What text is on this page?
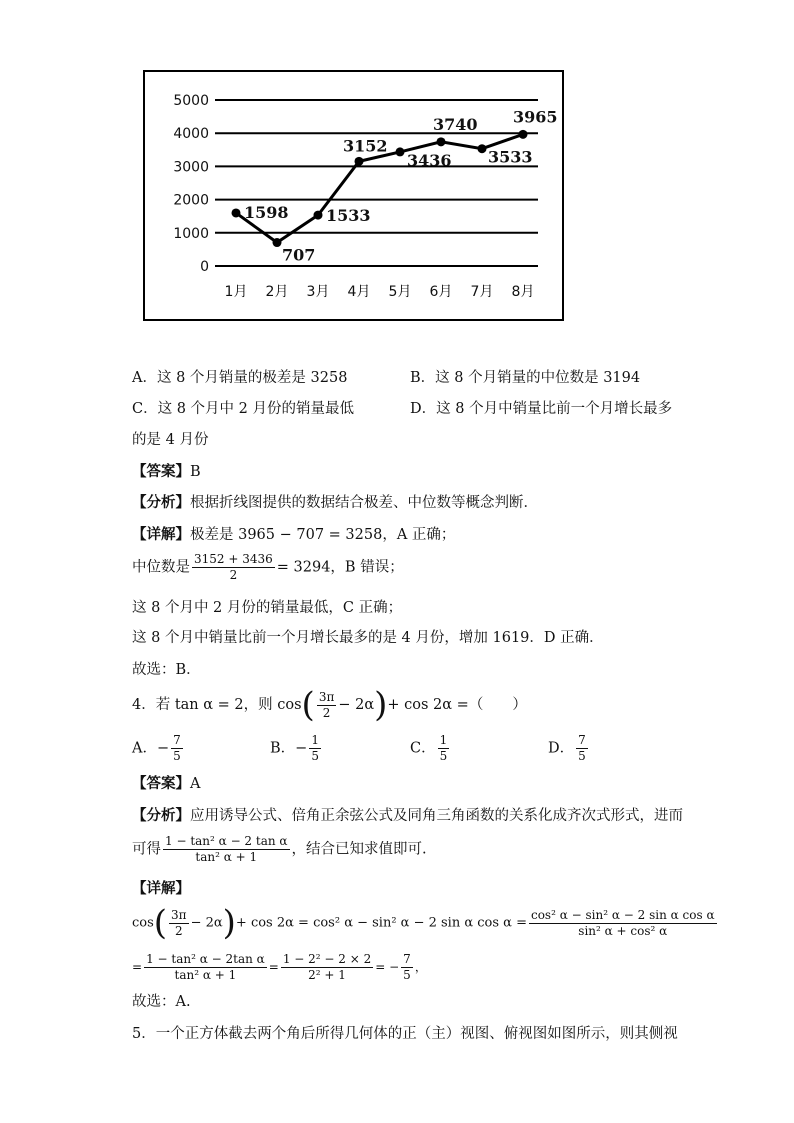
0
1000
2000
3000
4000
5000
1月 2月 3月 4月 5月 6月 7月 8月
1598
707
1533
3152
3436
3740
3533
3965
A．这 8 个月销量的极差是 3258	B．这 8 个月销量的中位数是 3194
C．这 8 个月中 2 月份的销量最低	D．这 8 个月中销量比前一个月增长最多
的是 4 月份
【答案】B
【分析】根据折线图提供的数据结合极差、中位数等概念判断．
【详解】极差是 3965 − 707 = 3258，A 正确；
中位数是 $\frac{3152 + 3436}{2} = 3294$，B 错误；
这 8 个月中 2 月份的销量最低，C 正确；
这 8 个月中销量比前一个月增长最多的是 4 月份，增加 1619．D 正确．
故选：B．
4．若 tan α = 2，则 $\cos( \frac{3\pi}{2} - 2\alpha)+ \cos 2\alpha$ =（　　）
A．− $\frac{7}{5}$	B．− $\frac{1}{5}$	C． $\frac{1}{5}$	D． $\frac{7}{5}$
【答案】A
【分析】应用诱导公式、倍角正余弦公式及同角三角函数的关系化成齐次式形式，进而
可得 $\frac{\text{1 − tan² α − 2 tan α}}{\text{tan² α + 1}}$ ，结合已知求值即可.
【详解】
$\cos( \frac{3\pi}{2} - 2\alpha)+ \cos 2\alpha = \cos^2$ α − sin² α − 2 sin α $\cos \alpha = \frac{\text{cos² α − sin² α − 2 sin α cos α}}{\text{sin² α + cos² α}}$
= $\frac{\text{1 − tan² α − 2tan α}}{\text{tan² α + 1}} = \frac{\text{1 − 2² − 2 × 2}}{\text{2² + 1}}$ = − $\frac{7}{5}$ ，
故选：A.
5．一个正方体截去两个角后所得几何体的正（主）视图、俯视图如图所示，则其侧视
